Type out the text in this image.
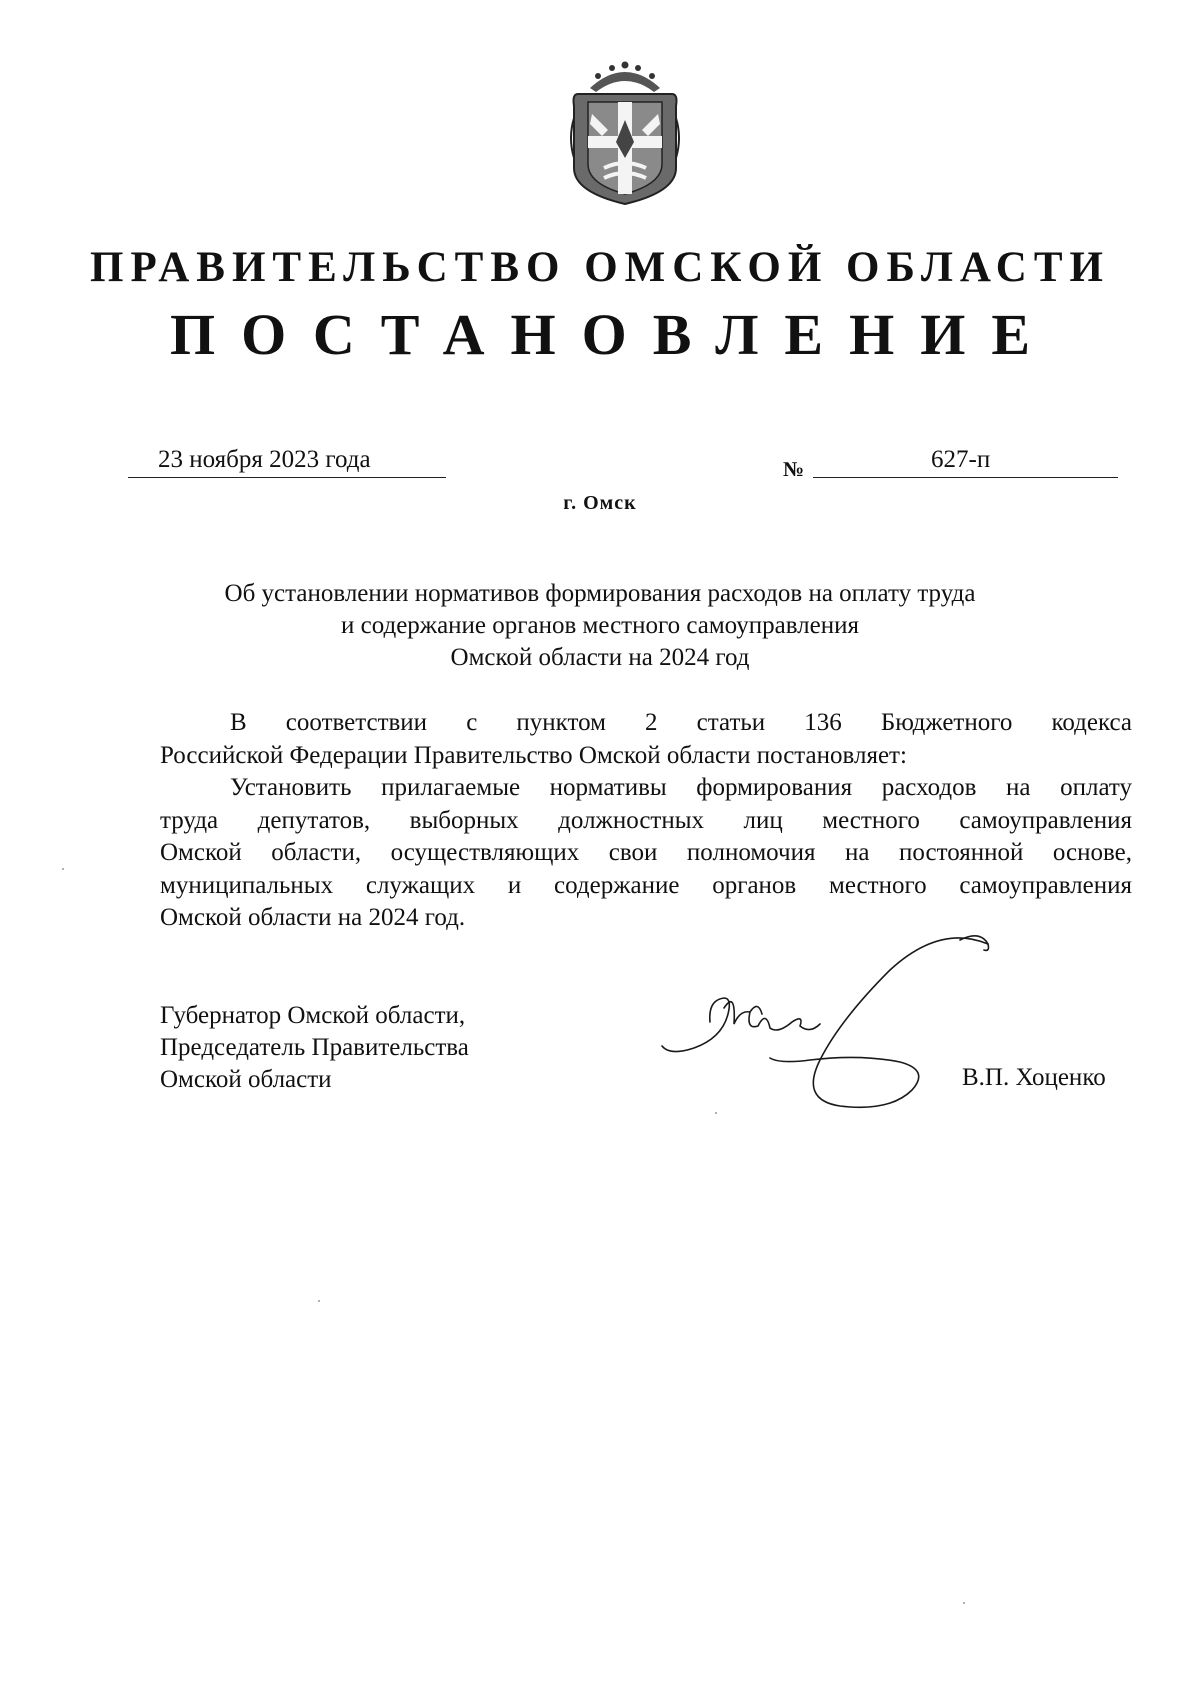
ПРАВИТЕЛЬСТВО ОМСКОЙ ОБЛАСТИ
ПОСТАНОВЛЕНИЕ
23 ноября 2023 года	№	627-п
г. Омск
Об установлении нормативов формирования расходов на оплату труда
и содержание органов местного самоуправления
Омской области на 2024 год
В соответствии с пунктом 2 статьи 136 Бюджетного кодекса
Российской Федерации Правительство Омской области постановляет:
Установить прилагаемые нормативы формирования расходов на оплату
труда депутатов, выборных должностных лиц местного самоуправления
Омской области, осуществляющих свои полномочия на постоянной основе,
муниципальных служащих и содержание органов местного самоуправления
Омской области на 2024 год.
Губернатор Омской области,
Председатель Правительства
Омской области	В.П. Хоценко
